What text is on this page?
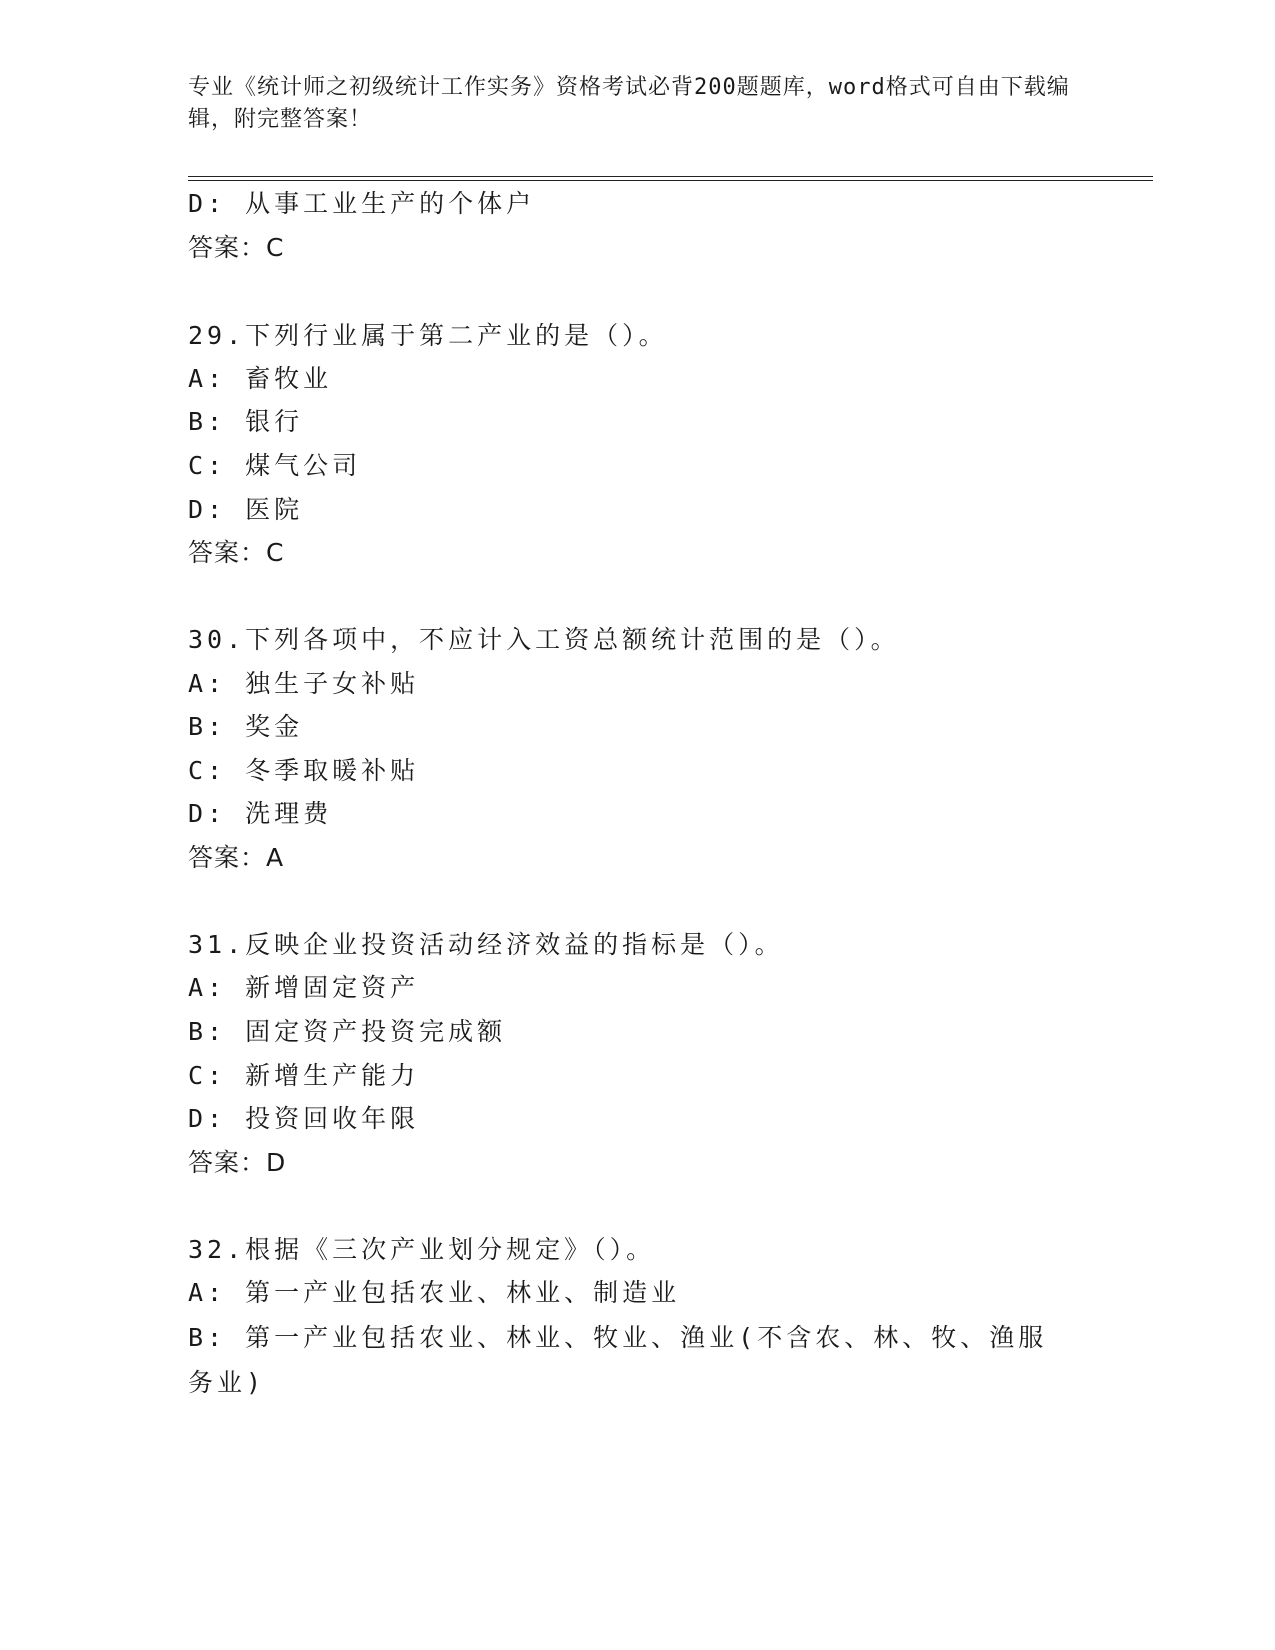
专业《统计师之初级统计工作实务》资格考试必背200题题库，word格式可自由下载编辑，附完整答案！
D: 从事工业生产的个体户
答案：C
29.下列行业属于第二产业的是（）。
A: 畜牧业
B: 银行
C: 煤气公司
D: 医院
答案：C
30.下列各项中，不应计入工资总额统计范围的是（）。
A: 独生子女补贴
B: 奖金
C: 冬季取暖补贴
D: 洗理费
答案：A
31.反映企业投资活动经济效益的指标是（）。
A: 新增固定资产
B: 固定资产投资完成额
C: 新增生产能力
D: 投资回收年限
答案：D
32.根据《三次产业划分规定》（）。
A: 第一产业包括农业、林业、制造业
B: 第一产业包括农业、林业、牧业、渔业(不含农、林、牧、渔服务业)
